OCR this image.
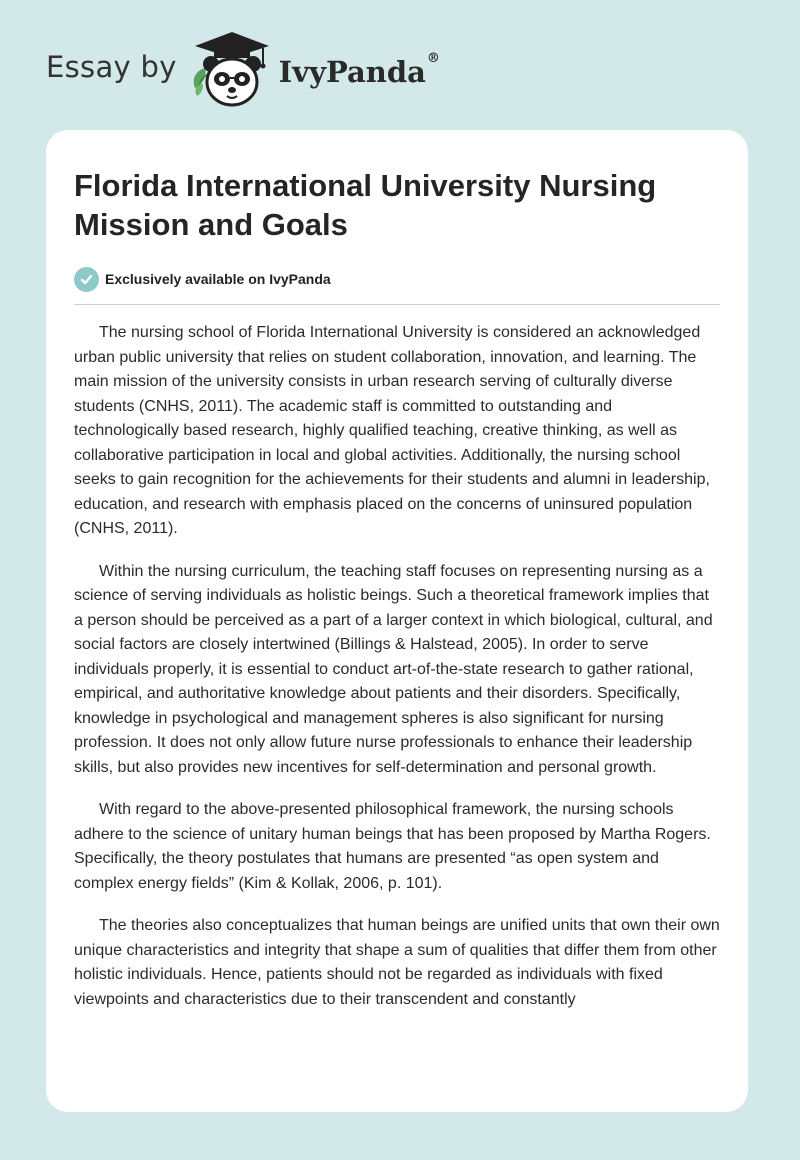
Essay by	IvyPanda®
Florida International University Nursing Mission and Goals
Exclusively available on IvyPanda

The nursing school of Florida International University is considered an acknowledged urban public university that relies on student collaboration, innovation, and learning. The main mission of the university consists in urban research serving of culturally diverse students (CNHS, 2011). The academic staff is committed to outstanding and technologically based research, highly qualified teaching, creative thinking, as well as collaborative participation in local and global activities. Additionally, the nursing school seeks to gain recognition for the achievements for their students and alumni in leadership, education, and research with emphasis placed on the concerns of uninsured population (CNHS, 2011).

Within the nursing curriculum, the teaching staff focuses on representing nursing as a science of serving individuals as holistic beings. Such a theoretical framework implies that a person should be perceived as a part of a larger context in which biological, cultural, and social factors are closely intertwined (Billings & Halstead, 2005). In order to serve individuals properly, it is essential to conduct art-of-the-state research to gather rational, empirical, and authoritative knowledge about patients and their disorders. Specifically, knowledge in psychological and management spheres is also significant for nursing profession. It does not only allow future nurse professionals to enhance their leadership skills, but also provides new incentives for self-determination and personal growth.

With regard to the above-presented philosophical framework, the nursing schools adhere to the science of unitary human beings that has been proposed by Martha Rogers. Specifically, the theory postulates that humans are presented “as open system and complex energy fields” (Kim & Kollak, 2006, p. 101).

The theories also conceptualizes that human beings are unified units that own their own unique characteristics and integrity that shape a sum of qualities that differ them from other holistic individuals. Hence, patients should not be regarded as individuals with fixed viewpoints and characteristics due to their transcendent and constantly
